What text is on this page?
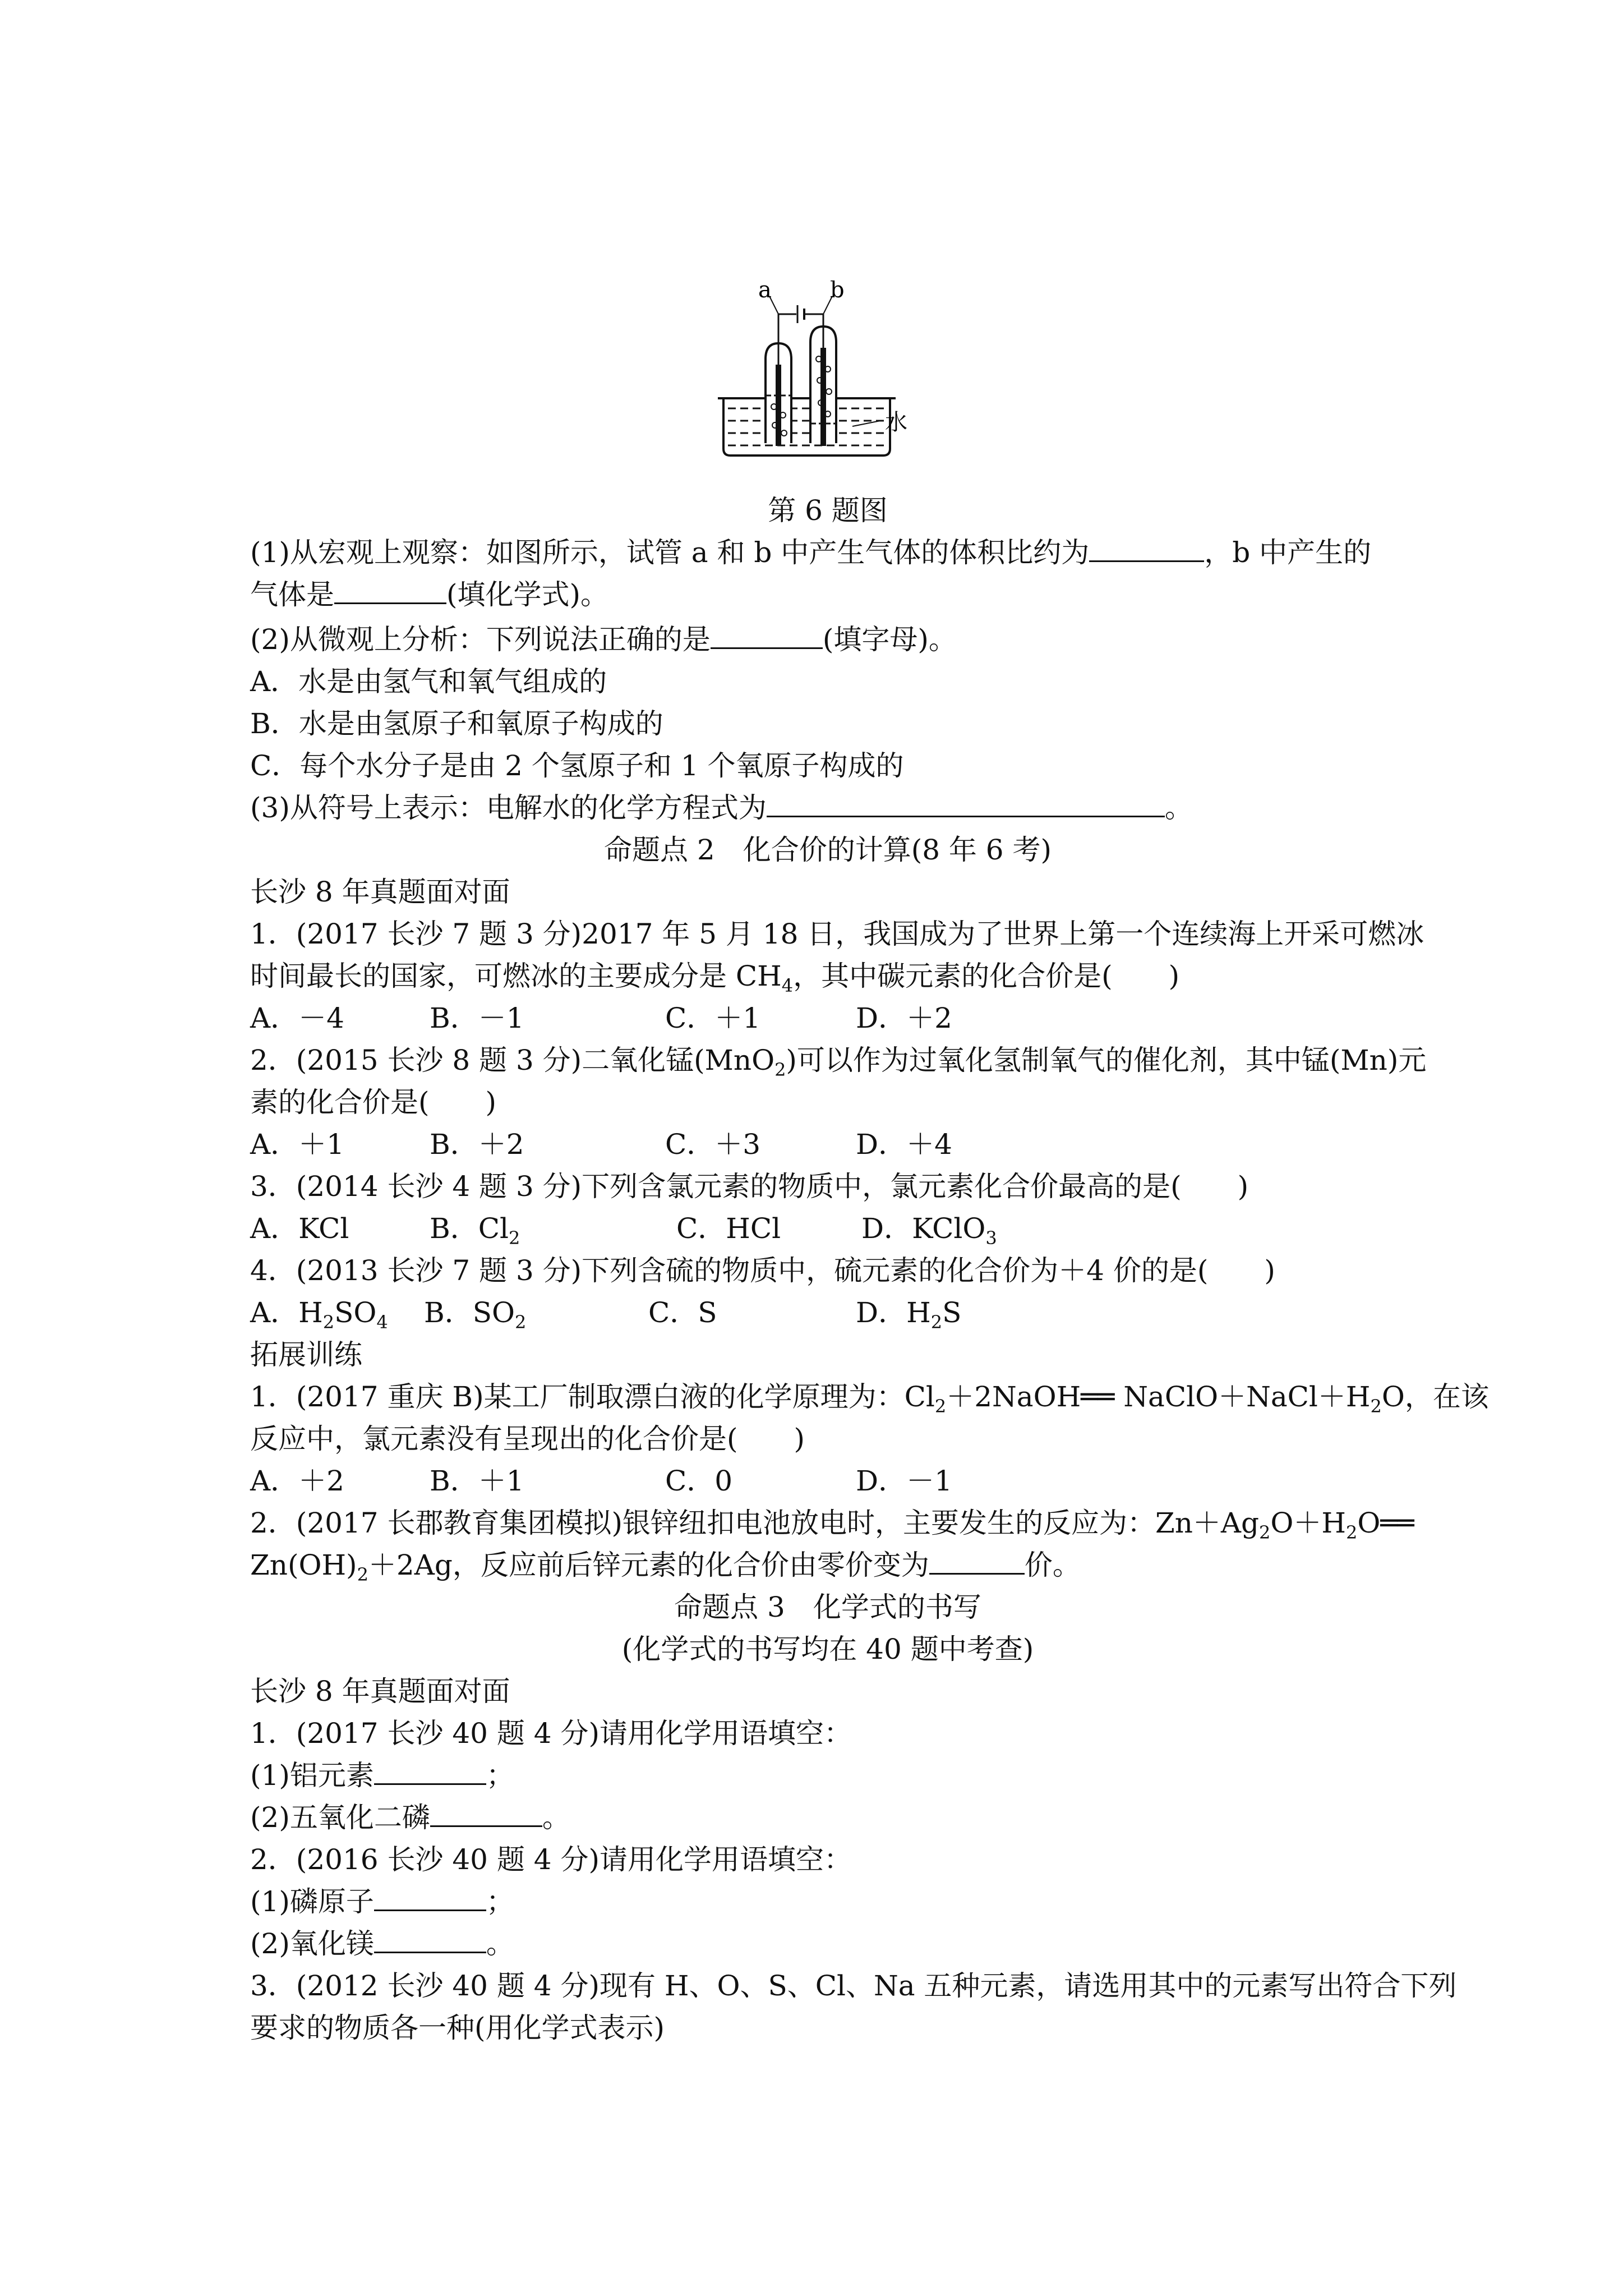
a	b
水
第 6 题图
(1)从宏观上观察：如图所示，试管 a 和 b 中产生气体的体积比约为	，b 中产生的
气体是	(填化学式)。
(2)从微观上分析：下列说法正确的是	(填字母)。
A．水是由氢气和氧气组成的
B．水是由氢原子和氧原子构成的
C．每个水分子是由 2 个氢原子和 1 个氧原子构成的
(3)从符号上表示：电解水的化学方程式为	。
命题点 2　化合价的计算(8 年 6 考)
长沙 8 年真题面对面
1．(2017 长沙 7 题 3 分)2017 年 5 月 18 日，我国成为了世界上第一个连续海上开采可燃冰
时间最长的国家，可燃冰的主要成分是 $CH_4$，其中碳元素的化合价是(　　)
A．－4	B．－1	C．＋1	D．＋2
2．(2015 长沙 8 题 3 分)二氧化锰(MnO$_2$)可以作为过氧化氢制氧气的催化剂，其中锰(Mn)元
素的化合价是(　　)
A．＋1	B．＋2	C．＋3	D．＋4
3．(2014 长沙 4 题 3 分)下列含氯元素的物质中，氯元素化合价最高的是(　　)
A．KCl	B．$Cl_2$	C．HCl	D．KClO$_3$
4．(2013 长沙 7 题 3 分)下列含硫的物质中，硫元素的化合价为＋4 价的是(　　)
A．$H_2SO_4$ B．$SO_2$	C．S	D．$H_2S$
拓展训练
1．(2017 重庆 B)某工厂制取漂白液的化学原理为：$Cl_2+2NaOH══$ $NaClO+NaCl+H_2O$，在该
反应中，氯元素没有呈现出的化合价是(　　)
A．＋2	B．＋1	C．0	D．－1
2．(2017 长郡教育集团模拟)银锌纽扣电池放电时，主要发生的反应为：$Zn+Ag_2O+H_2O══$
$Zn(OH)_2+2Ag$，反应前后锌元素的化合价由零价变为	价。
命题点 3　化学式的书写
(化学式的书写均在 40 题中考查)
长沙 8 年真题面对面
1．(2017 长沙 40 题 4 分)请用化学用语填空：
(1)铝元素	；
(2)五氧化二磷	。
2．(2016 长沙 40 题 4 分)请用化学用语填空：
(1)磷原子	；
(2)氧化镁	。
3．(2012 长沙 40 题 4 分)现有 H、O、S、Cl、Na 五种元素，请选用其中的元素写出符合下列
要求的物质各一种(用化学式表示)
